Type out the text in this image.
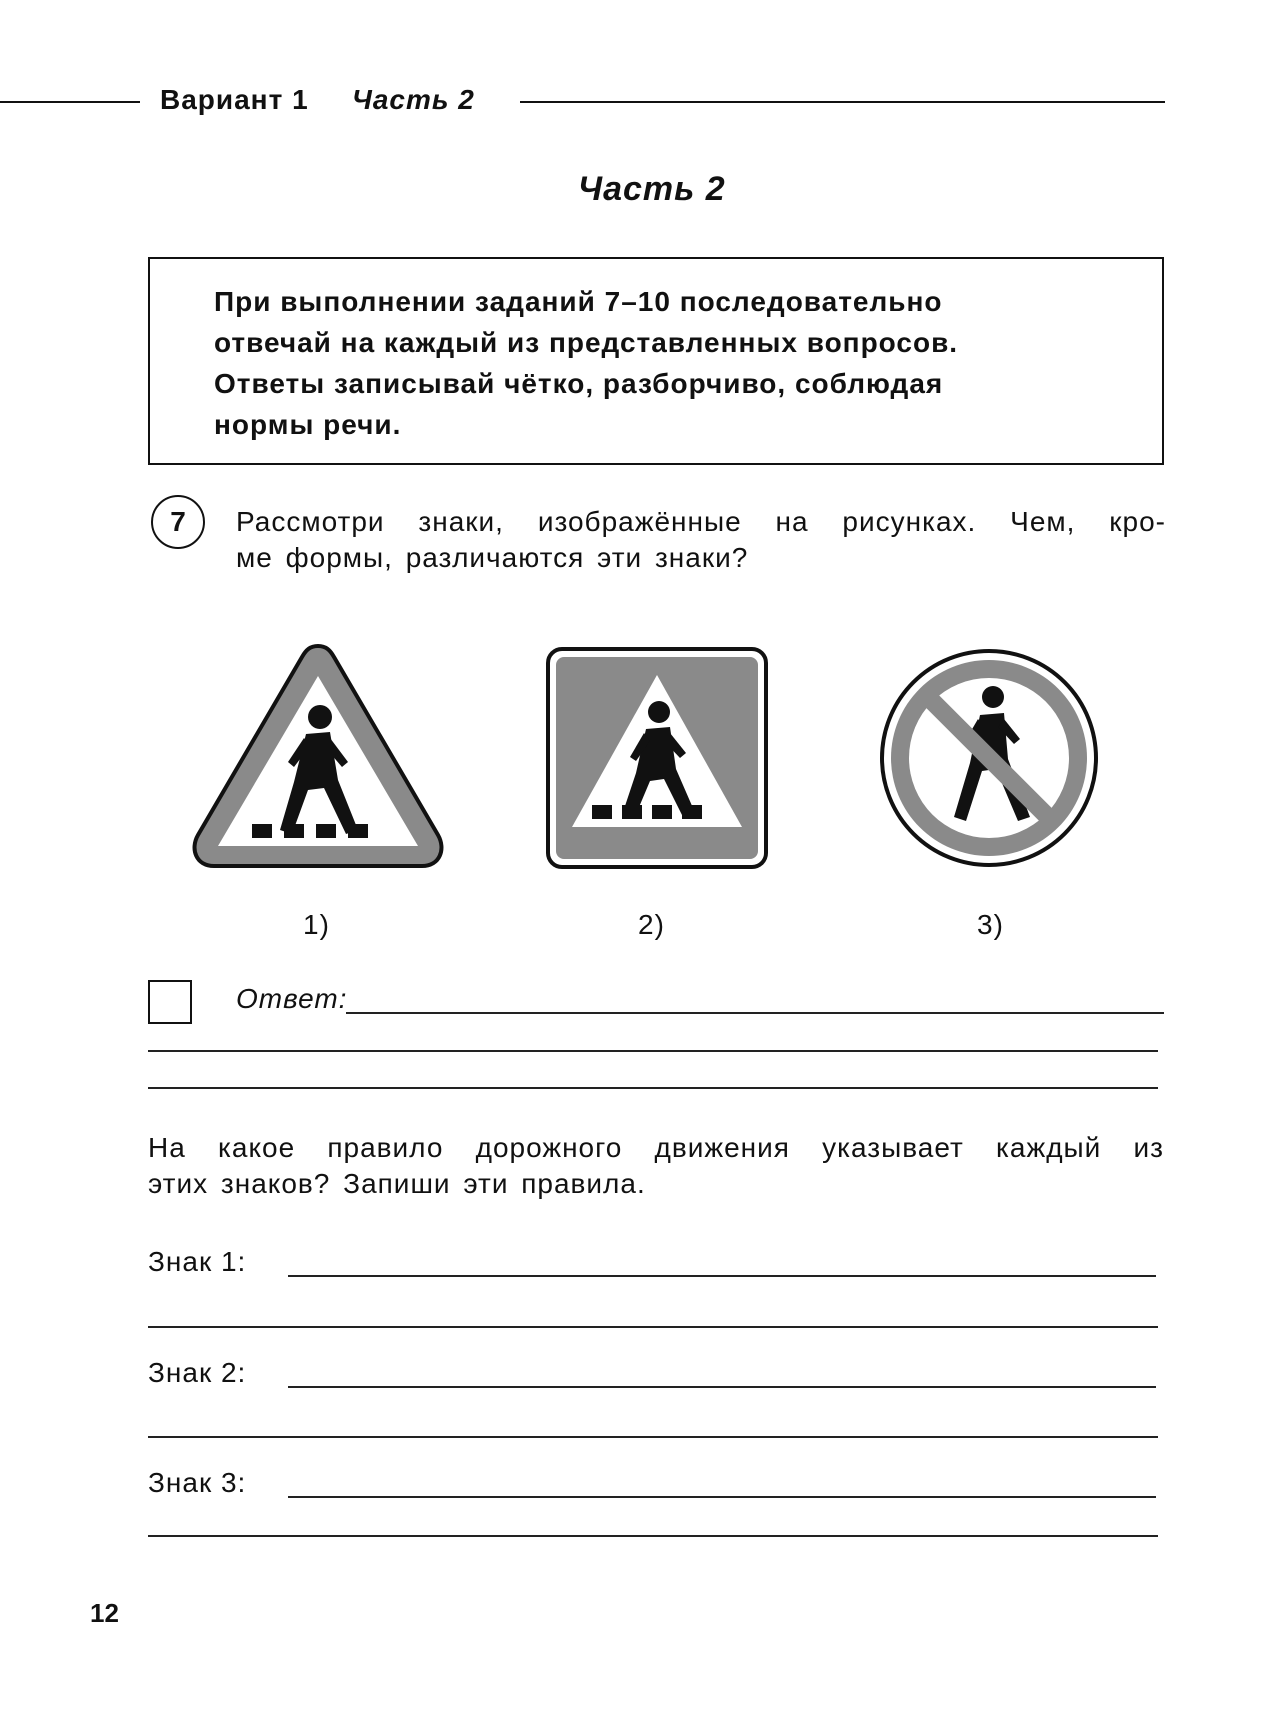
Вариант 1 Часть 2
Часть 2
При выполнении заданий 7–10 последовательно
отвечай на каждый из представленных вопросов.
Ответы записывай чётко, разборчиво, соблюдая
нормы речи.
7	Рассмотри знаки, изображённые на рисунках. Чем, кро-
ме формы, различаются эти знаки?
1)	2)	3)
Ответ:
На какое правило дорожного движения указывает каждый из
этих знаков? Запиши эти правила.
Знак 1:
Знак 2:
Знак 3:
12
